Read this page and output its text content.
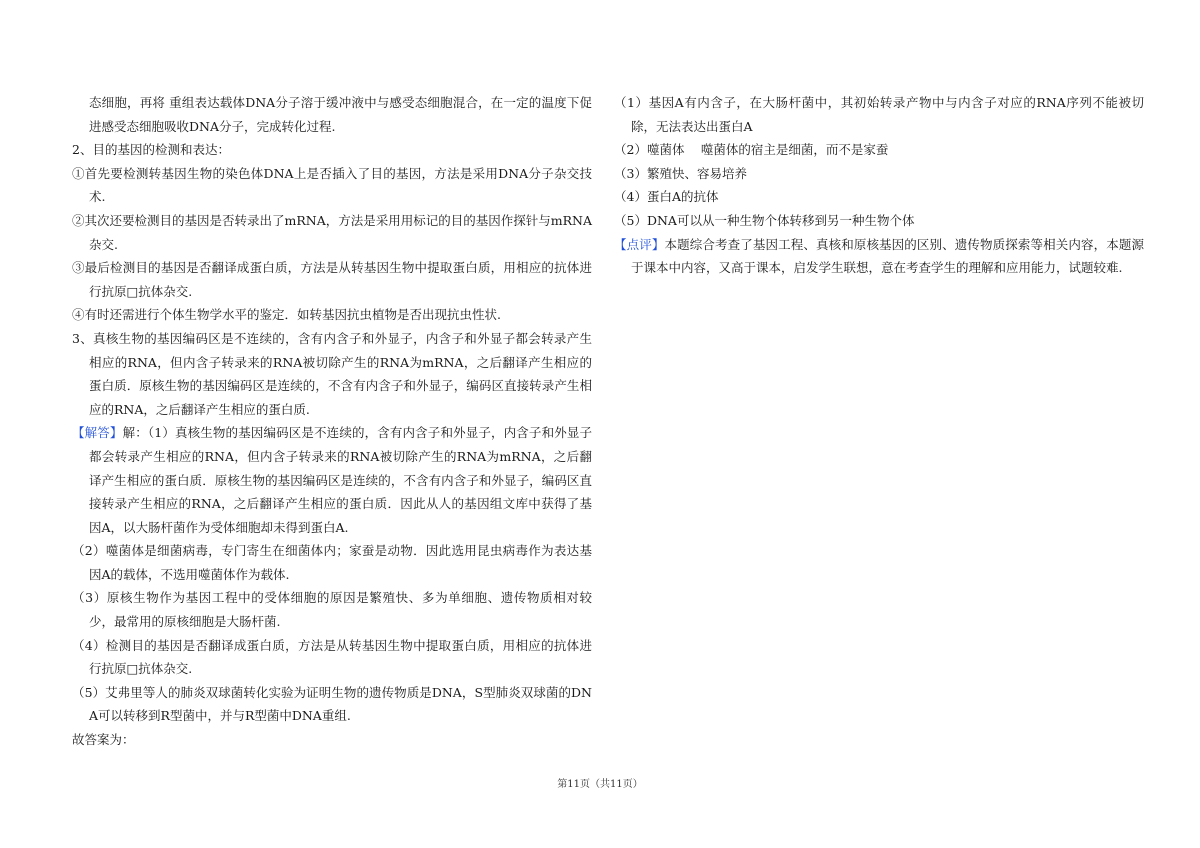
态细胞，再将 重组表达载体DNA分子溶于缓冲液中与感受态细胞混合，在一定的温度下促进感受态细胞吸收DNA分子，完成转化过程.
2、目的基因的检测和表达：
①首先要检测转基因生物的染色体DNA上是否插入了目的基因，方法是采用DNA分子杂交技术.
②其次还要检测目的基因是否转录出了mRNA，方法是采用用标记的目的基因作探针与mRNA杂交.
③最后检测目的基因是否翻译成蛋白质，方法是从转基因生物中提取蛋白质，用相应的抗体进行抗原□抗体杂交.
④有时还需进行个体生物学水平的鉴定．如转基因抗虫植物是否出现抗虫性状.
3、真核生物的基因编码区是不连续的，含有内含子和外显子，内含子和外显子都会转录产生相应的RNA，但内含子转录来的RNA被切除产生的RNA为mRNA，之后翻译产生相应的蛋白质．原核生物的基因编码区是连续的，不含有内含子和外显子，编码区直接转录产生相应的RNA，之后翻译产生相应的蛋白质.
【解答】解：（1）真核生物的基因编码区是不连续的，含有内含子和外显子，内含子和外显子都会转录产生相应的RNA，但内含子转录来的RNA被切除产生的RNA为mRNA，之后翻译产生相应的蛋白质．原核生物的基因编码区是连续的，不含有内含子和外显子，编码区直接转录产生相应的RNA，之后翻译产生相应的蛋白质．因此从人的基因组文库中获得了基因A，以大肠杆菌作为受体细胞却未得到蛋白A.
（2）噬菌体是细菌病毒，专门寄生在细菌体内；家蚕是动物．因此选用昆虫病毒作为表达基因A的载体，不选用噬菌体作为载体.
（3）原核生物作为基因工程中的受体细胞的原因是繁殖快、多为单细胞、遗传物质相对较少，最常用的原核细胞是大肠杆菌.
（4）检测目的基因是否翻译成蛋白质，方法是从转基因生物中提取蛋白质，用相应的抗体进行抗原□抗体杂交.
（5）艾弗里等人的肺炎双球菌转化实验为证明生物的遗传物质是DNA，S型肺炎双球菌的DNA可以转移到R型菌中，并与R型菌中DNA重组.
故答案为：
（1）基因A有内含子，在大肠杆菌中，其初始转录产物中与内含子对应的RNA序列不能被切除，无法表达出蛋白A
（2）噬菌体　 噬菌体的宿主是细菌，而不是家蚕
（3）繁殖快、容易培养
（4）蛋白A的抗体
（5）DNA可以从一种生物个体转移到另一种生物个体
【点评】本题综合考查了基因工程、真核和原核基因的区别、遗传物质探索等相关内容，本题源于课本中内容，又高于课本，启发学生联想，意在考查学生的理解和应用能力，试题较难.
第11页（共11页）
